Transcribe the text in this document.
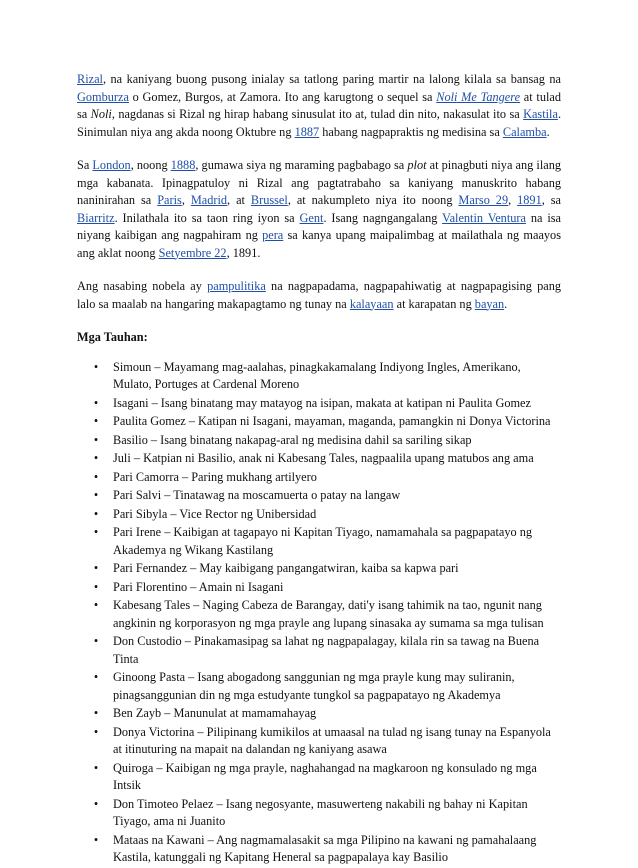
Rizal, na kaniyang buong pusong inialay sa tatlong paring martir na lalong kilala sa bansag na Gomburza o Gomez, Burgos, at Zamora. Ito ang karugtong o sequel sa Noli Me Tangere at tulad sa Noli, nagdanas si Rizal ng hirap habang sinusulat ito at, tulad din nito, nakasulat ito sa Kastila. Sinimulan niya ang akda noong Oktubre ng 1887 habang nagpapraktis ng medisina sa Calamba.

Sa London, noong 1888, gumawa siya ng maraming pagbabago sa plot at pinagbuti niya ang ilang mga kabanata. Ipinagpatuloy ni Rizal ang pagtatrabaho sa kaniyang manuskrito habang naninirahan sa Paris, Madrid, at Brussel, at nakumpleto niya ito noong Marso 29, 1891, sa Biarritz. Inilathala ito sa taon ring iyon sa Gent. Isang nagngangalang Valentin Ventura na isa niyang kaibigan ang nagpahiram ng pera sa kanya upang maipalimbag at mailathala ng maayos ang aklat noong Setyembre 22, 1891.

Ang nasabing nobela ay pampulitika na nagpapadama, nagpapahiwatig at nagpapagising pang lalo sa maalab na hangaring makapagtamo ng tunay na kalayaan at karapatan ng bayan.

Mga Tauhan:
•	Simoun – Mayamang mag-aalahas, pinagkakamalang Indiyong Ingles, Amerikano, Mulato, Portuges at Cardenal Moreno
•	Isagani – Isang binatang may matayog na isipan, makata at katipan ni Paulita Gomez
•	Paulita Gomez – Katipan ni Isagani, mayaman, maganda, pamangkin ni Donya Victorina
•	Basilio – Isang binatang nakapag-aral ng medisina dahil sa sariling sikap
•	Juli – Katpian ni Basilio, anak ni Kabesang Tales, nagpaalila upang matubos ang ama
•	Pari Camorra – Paring mukhang artilyero
•	Pari Salvi – Tinatawag na moscamuerta o patay na langaw
•	Pari Sibyla – Vice Rector ng Unibersidad
•	Pari Irene – Kaibigan at tagapayo ni Kapitan Tiyago, namamahala sa pagpapatayo ng Akademya ng Wikang Kastilang
•	Pari Fernandez – May kaibigang pangangatwiran, kaiba sa kapwa pari
•	Pari Florentino – Amain ni Isagani
•	Kabesang Tales – Naging Cabeza de Barangay, dati'y isang tahimik na tao, ngunit nang angkinin ng korporasyon ng mga prayle ang lupang sinasaka ay sumama sa mga tulisan
•	Don Custodio – Pinakamasipag sa lahat ng nagpapalagay, kilala rin sa tawag na Buena Tinta
•	Ginoong Pasta – Isang abogadong sanggunian ng mga prayle kung may suliranin, pinagsanggunian din ng mga estudyante tungkol sa pagpapatayo ng Akademya
•	Ben Zayb – Manunulat at mamamahayag
•	Donya Victorina – Pilipinang kumikilos at umaasal na tulad ng isang tunay na Espanyola at itinuturing na mapait na dalandan ng kaniyang asawa
•	Quiroga – Kaibigan ng mga prayle, naghahangad na magkaroon ng konsulado ng mga Intsik
•	Don Timoteo Pelaez – Isang negosyante, masuwerteng nakabili ng bahay ni Kapitan Tiyago, ama ni Juanito
•	Mataas na Kawani – Ang nagmamalasakit sa mga Pilipino na kawani ng pamahalaang Kastila, katunggali ng Kapitang Heneral sa pagpapalaya kay Basilio
